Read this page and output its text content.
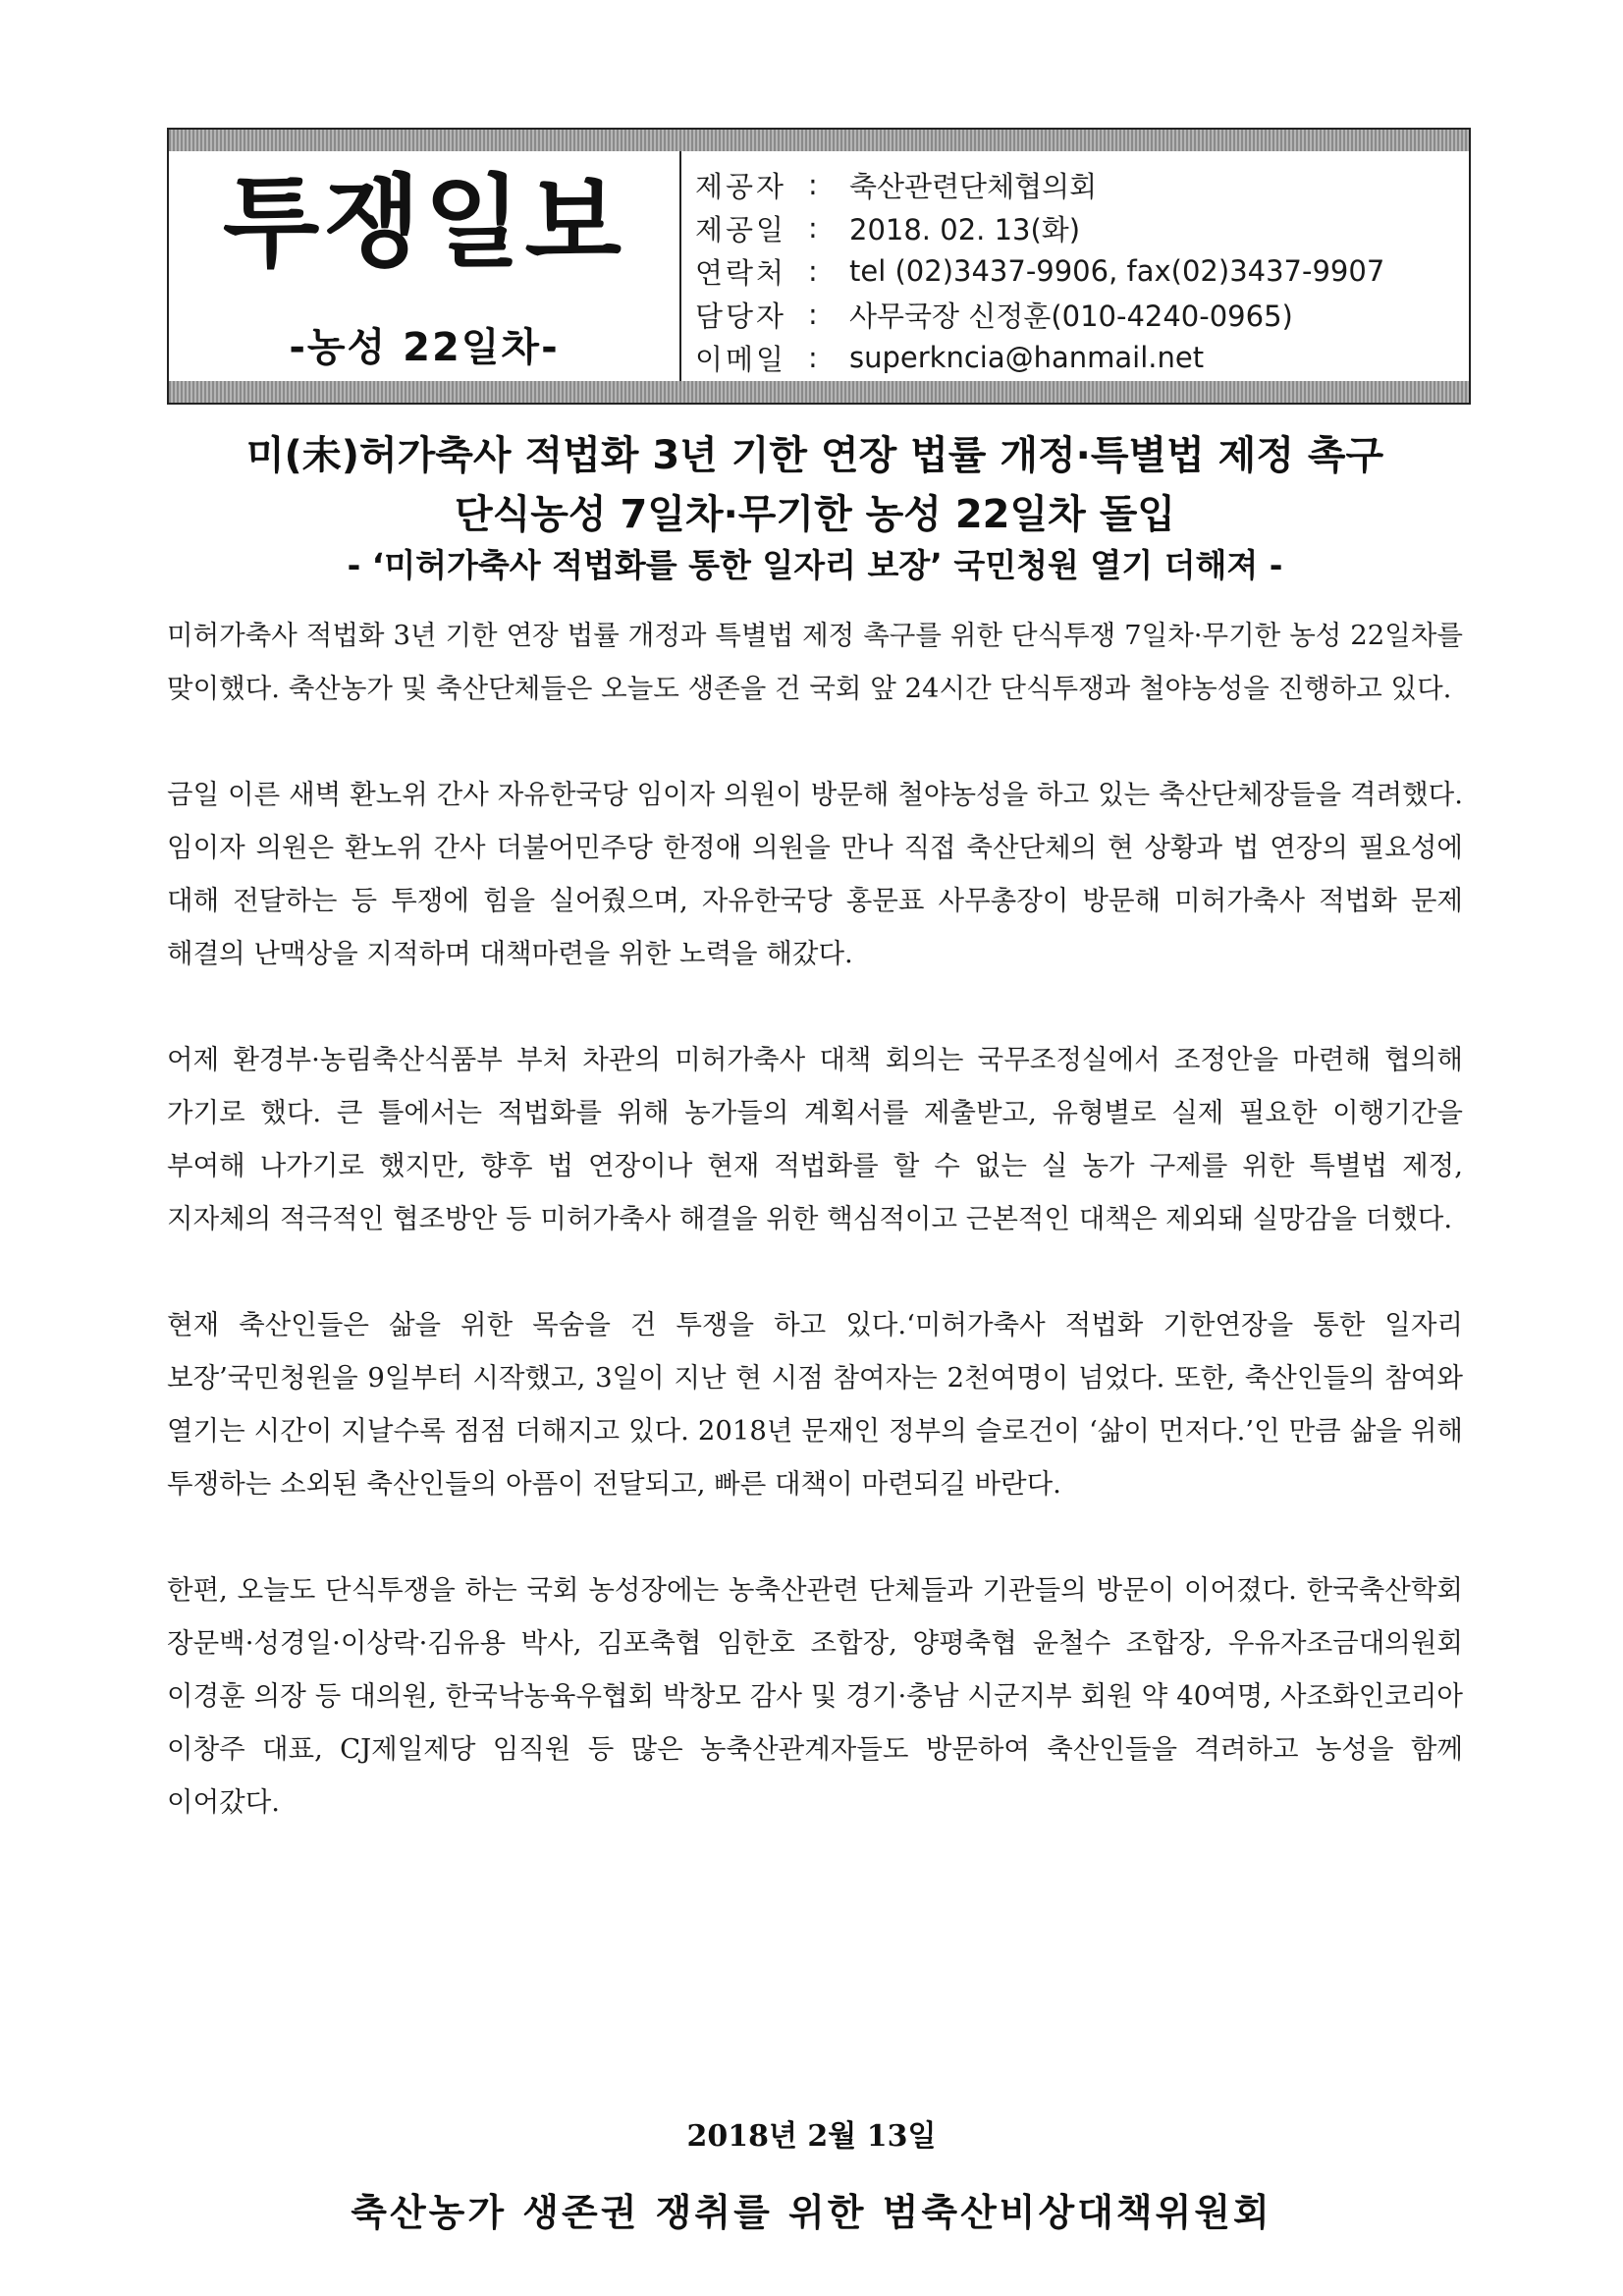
투쟁일보
-농성 22일차-
제공자 :	축산관련단체협의회
제공일 :	2018. 02. 13(화)
연락처 :	tel (02)3437-9906, fax(02)3437-9907
담당자 :	사무국장 신정훈(010-4240-0965)
이메일 :	superkncia@hanmail.net
미(未)허가축사 적법화 3년 기한 연장 법률 개정·특별법 제정 촉구
단식농성 7일차·무기한 농성 22일차 돌입
- ‘미허가축사 적법화를 통한 일자리 보장’ 국민청원 열기 더해져 -

미허가축사 적법화 3년 기한 연장 법률 개정과 특별법 제정 촉구를 위한 단식투쟁 7일차·무기한 농성 22일차를 맞이했다. 축산농가 및 축산단체들은 오늘도 생존을 건 국회 앞 24시간 단식투쟁과 철야농성을 진행하고 있다.

금일 이른 새벽 환노위 간사 자유한국당 임이자 의원이 방문해 철야농성을 하고 있는 축산단체장들을 격려했다. 임이자 의원은 환노위 간사 더불어민주당 한정애 의원을 만나 직접 축산단체의 현 상황과 법 연장의 필요성에 대해 전달하는 등 투쟁에 힘을 실어줬으며, 자유한국당 홍문표 사무총장이 방문해 미허가축사 적법화 문제 해결의 난맥상을 지적하며 대책마련을 위한 노력을 해갔다.

어제 환경부·농림축산식품부 부처 차관의 미허가축사 대책 회의는 국무조정실에서 조정안을 마련해 협의해 가기로 했다. 큰 틀에서는 적법화를 위해 농가들의 계획서를 제출받고, 유형별로 실제 필요한 이행기간을 부여해 나가기로 했지만, 향후 법 연장이나 현재 적법화를 할 수 없는 실 농가 구제를 위한 특별법 제정, 지자체의 적극적인 협조방안 등 미허가축사 해결을 위한 핵심적이고 근본적인 대책은 제외돼 실망감을 더했다.

현재 축산인들은 삶을 위한 목숨을 건 투쟁을 하고 있다.‘미허가축사 적법화 기한연장을 통한 일자리 보장’국민청원을 9일부터 시작했고, 3일이 지난 현 시점 참여자는 2천여명이 넘었다. 또한, 축산인들의 참여와 열기는 시간이 지날수록 점점 더해지고 있다. 2018년 문재인 정부의 슬로건이 ‘삶이 먼저다.’인 만큼 삶을 위해 투쟁하는 소외된 축산인들의 아픔이 전달되고, 빠른 대책이 마련되길 바란다.

한편, 오늘도 단식투쟁을 하는 국회 농성장에는 농축산관련 단체들과 기관들의 방문이 이어졌다. 한국축산학회 장문백·성경일·이상락·김유용 박사, 김포축협 임한호 조합장, 양평축협 윤철수 조합장, 우유자조금대의원회 이경훈 의장 등 대의원, 한국낙농육우협회 박창모 감사 및 경기·충남 시군지부 회원 약 40여명, 사조화인코리아 이창주 대표, CJ제일제당 임직원 등 많은 농축산관계자들도 방문하여 축산인들을 격려하고 농성을 함께 이어갔다.

2018년 2월 13일
축산농가 생존권 쟁취를 위한 범축산비상대책위원회
